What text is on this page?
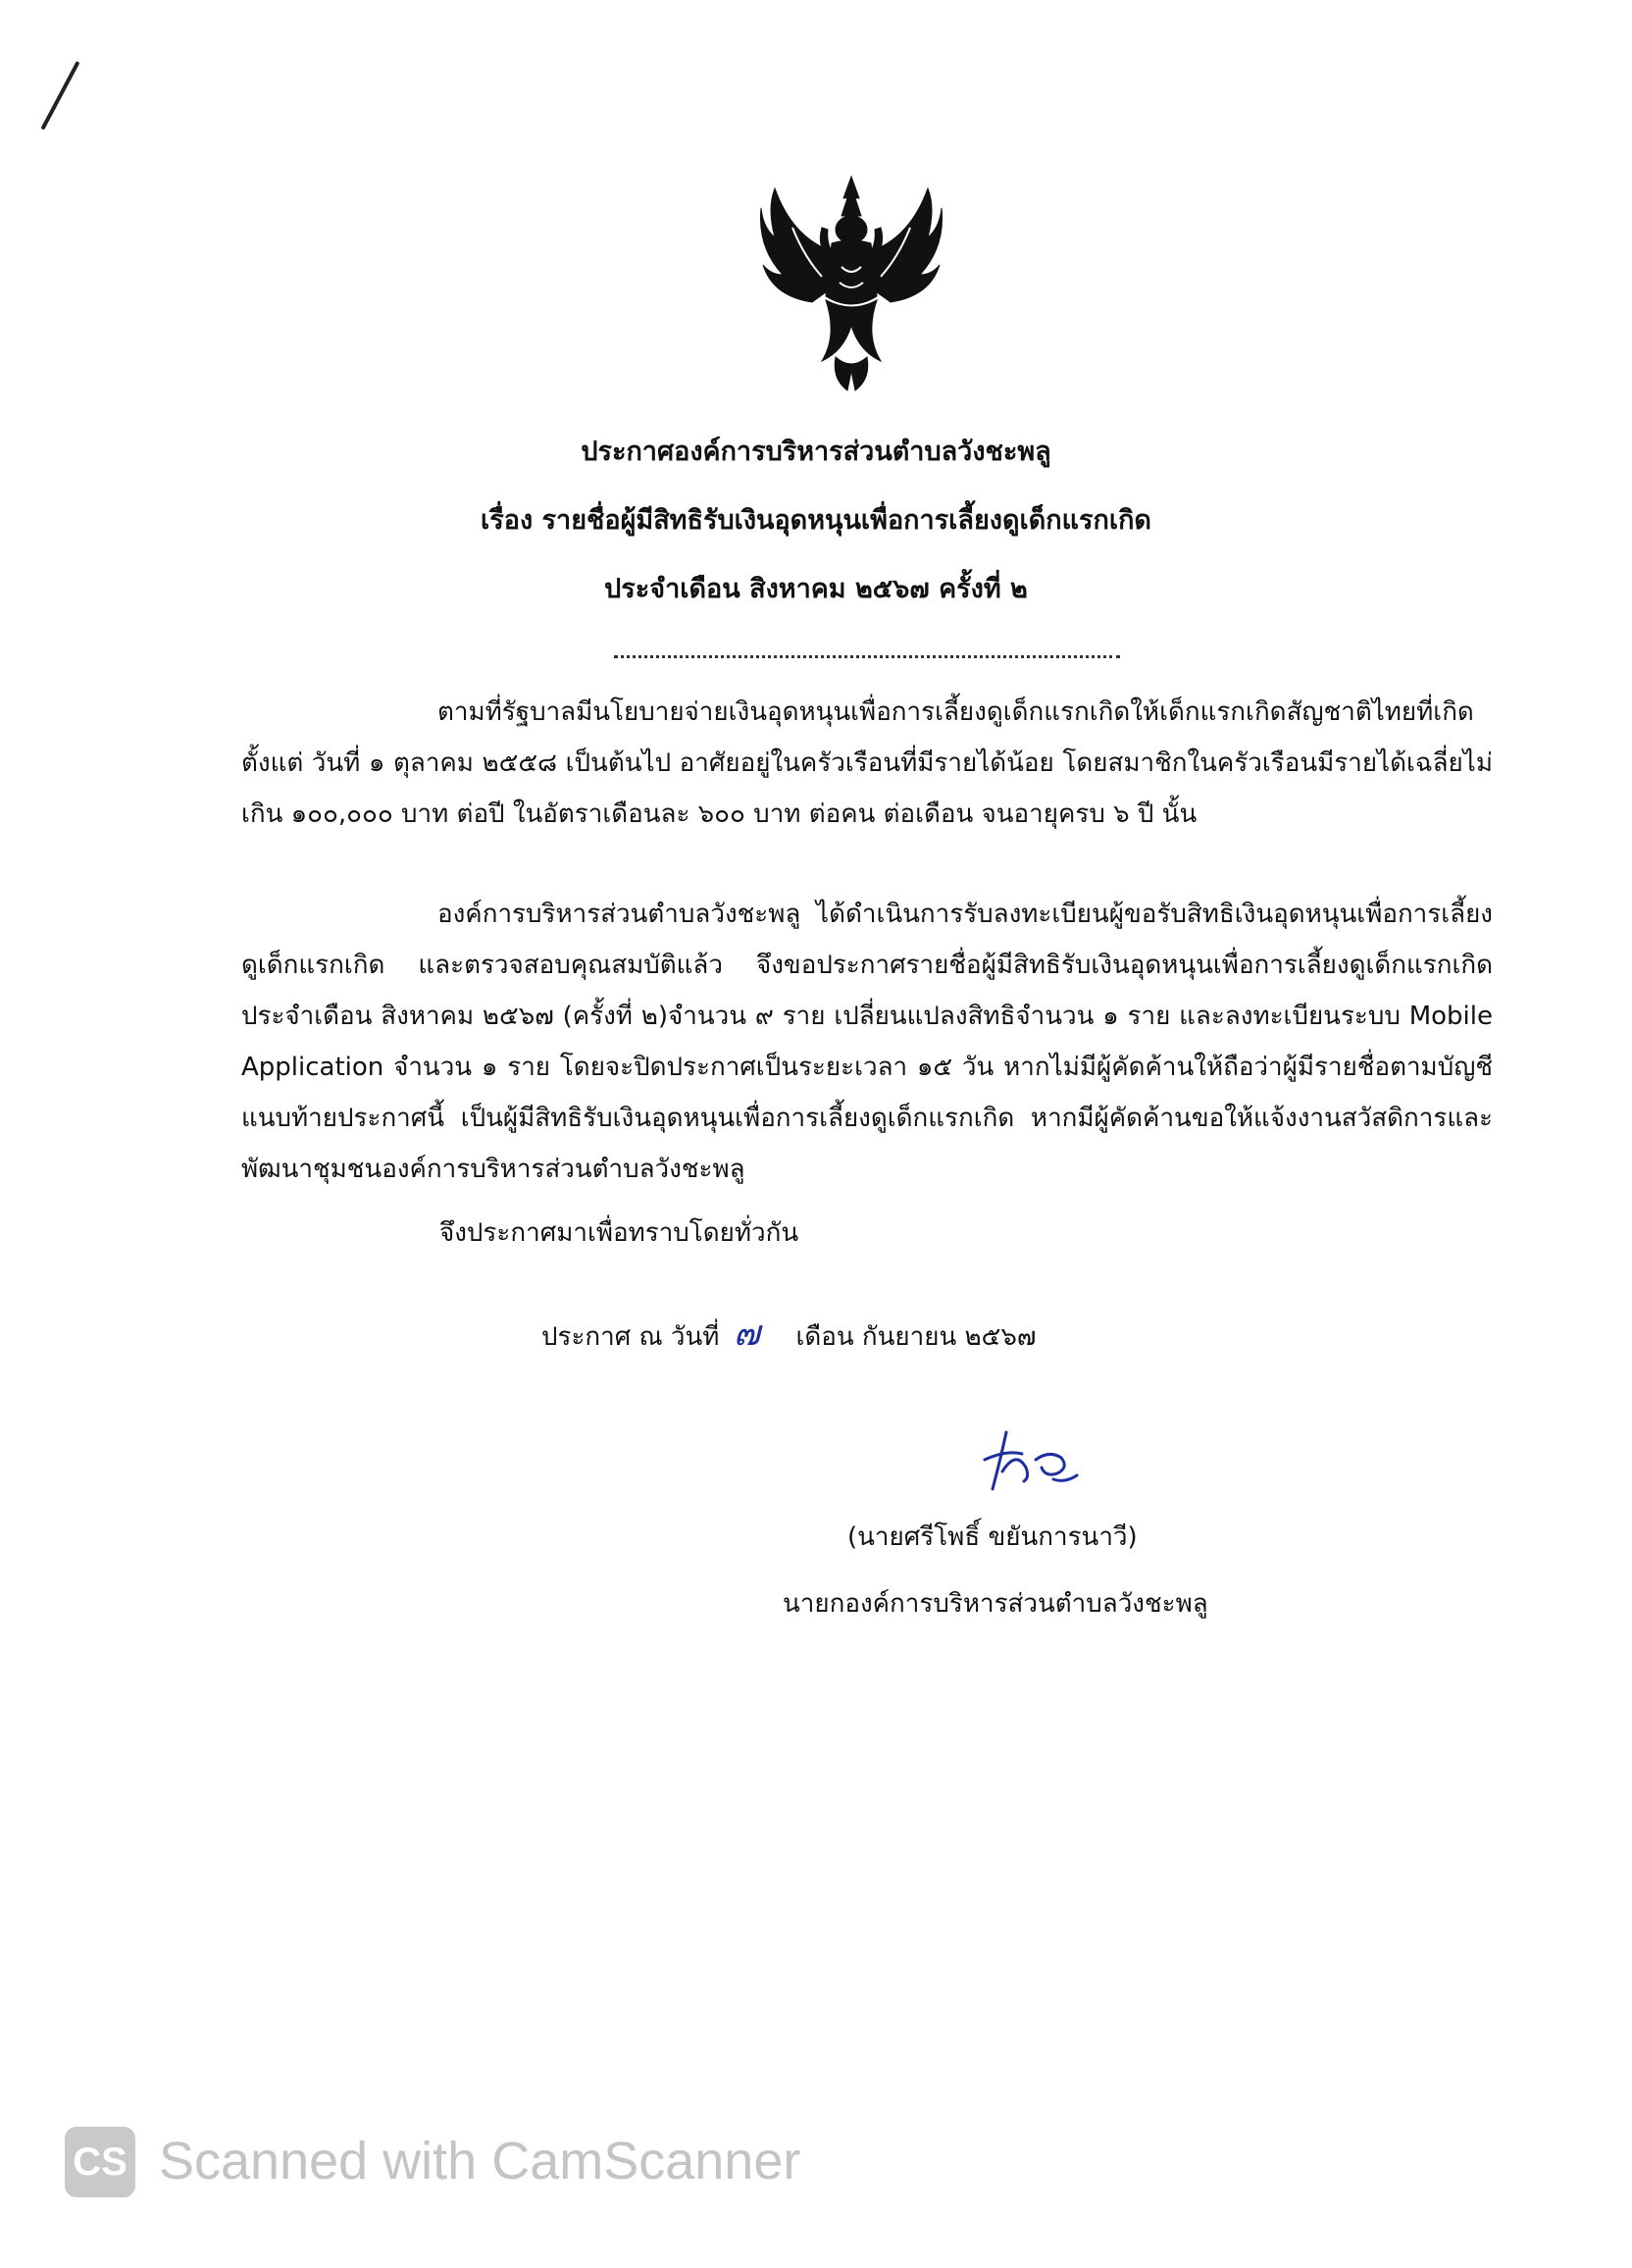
ประกาศองค์การบริหารส่วนตำบลวังชะพลู
เรื่อง รายชื่อผู้มีสิทธิรับเงินอุดหนุนเพื่อการเลี้ยงดูเด็กแรกเกิด
ประจำเดือน สิงหาคม ๒๕๖๗ ครั้งที่ ๒
ตามที่รัฐบาลมีนโยบายจ่ายเงินอุดหนุนเพื่อการเลี้ยงดูเด็กแรกเกิดให้เด็กแรกเกิดสัญชาติไทยที่เกิดตั้งแต่ วันที่ ๑ ตุลาคม ๒๕๕๘ เป็นต้นไป อาศัยอยู่ในครัวเรือนที่มีรายได้น้อย โดยสมาชิกในครัวเรือนมีรายได้เฉลี่ยไม่เกิน ๑๐๐,๐๐๐ บาท ต่อปี ในอัตราเดือนละ ๖๐๐ บาท ต่อคน ต่อเดือน จนอายุครบ ๖ ปี นั้น
องค์การบริหารส่วนตำบลวังชะพลู ได้ดำเนินการรับลงทะเบียนผู้ขอรับสิทธิเงินอุดหนุนเพื่อการเลี้ยงดูเด็กแรกเกิด และตรวจสอบคุณสมบัติแล้ว จึงขอประกาศรายชื่อผู้มีสิทธิรับเงินอุดหนุนเพื่อการเลี้ยงดูเด็กแรกเกิด ประจำเดือน สิงหาคม ๒๕๖๗ (ครั้งที่ ๒)จำนวน ๙ ราย เปลี่ยนแปลงสิทธิจำนวน ๑ ราย และลงทะเบียนระบบ Mobile Application จำนวน ๑ ราย โดยจะปิดประกาศเป็นระยะเวลา ๑๕ วัน หากไม่มีผู้คัดค้านให้ถือว่าผู้มีรายชื่อตามบัญชีแนบท้ายประกาศนี้ เป็นผู้มีสิทธิรับเงินอุดหนุนเพื่อการเลี้ยงดูเด็กแรกเกิด หากมีผู้คัดค้านขอให้แจ้งงานสวัสดิการและพัฒนาชุมชนองค์การบริหารส่วนตำบลวังชะพลู
จึงประกาศมาเพื่อทราบโดยทั่วกัน
ประกาศ ณ วันที่ ๗ เดือน กันยายน ๒๕๖๗
(นายศรีโพธิ์ ขยันการนาวี)
นายกองค์การบริหารส่วนตำบลวังชะพลู
CS Scanned with CamScanner
